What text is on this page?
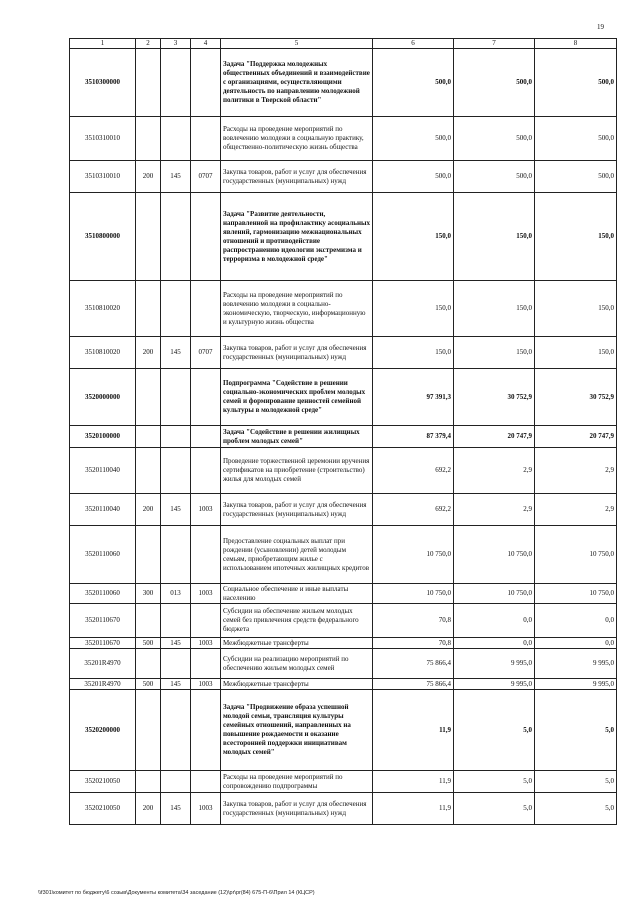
19
1	2	3	4	5	6	7	8
3510300000				Задача "Поддержка молодежных общественных объединений и взаимодействие с организациями, осуществляющими деятельность по направлению молодежной политики в Тверской области"	500,0	500,0	500,0
3510310010				Расходы на проведение мероприятий по вовлечению молодежи в социальную практику, общественно-политическую жизнь общества	500,0	500,0	500,0
3510310010	200	145	0707	Закупка товаров, работ и услуг для обеспечения государственных (муниципальных) нужд	500,0	500,0	500,0
3510800000				Задача "Развитие деятельности, направленной на профилактику асоциальных явлений, гармонизацию межнациональных отношений и противодействие распространению идеологии экстремизма и терроризма в молодежной среде"	150,0	150,0	150,0
3510810020				Расходы на проведение мероприятий по вовлечению молодежи в социально-экономическую, творческую, информационную и культурную жизнь общества	150,0	150,0	150,0
3510810020	200	145	0707	Закупка товаров, работ и услуг для обеспечения государственных (муниципальных) нужд	150,0	150,0	150,0
3520000000				Подпрограмма "Содействие в решении социально-экономических проблем молодых семей и формирование ценностей семейной культуры в молодежной среде"	97 391,3	30 752,9	30 752,9
3520100000				Задача "Содействие в решении жилищных проблем молодых семей"	87 379,4	20 747,9	20 747,9
3520110040				Проведение торжественной церемонии вручения сертификатов на приобретение (строительство) жилья для молодых семей	692,2	2,9	2,9
3520110040	200	145	1003	Закупка товаров, работ и услуг для обеспечения государственных (муниципальных) нужд	692,2	2,9	2,9
3520110060				Предоставление социальных выплат при рождении (усыновлении) детей молодым семьям, приобретающим жилье с использованием ипотечных жилищных кредитов	10 750,0	10 750,0	10 750,0
3520110060	300	013	1003	Социальное обеспечение и иные выплаты населению	10 750,0	10 750,0	10 750,0
3520110670				Субсидии на обеспечение жильем молодых семей без привлечения средств федерального бюджета	70,8	0,0	0,0
3520110670	500	145	1003	Межбюджетные трансферты	70,8	0,0	0,0
35201R4970				Субсидии на реализацию мероприятий по обеспечению жильем молодых семей	75 866,4	9 995,0	9 995,0
35201R4970	500	145	1003	Межбюджетные трансферты	75 866,4	9 995,0	9 995,0
3520200000				Задача "Продвижение образа успешной молодой семьи, трансляция культуры семейных отношений, направленных на повышение рождаемости и оказание всесторонней поддержки инициативам молодых семей"	11,9	5,0	5,0
3520210050				Расходы на проведение мероприятий по сопровождению подпрограммы	11,9	5,0	5,0
3520210050	200	145	1003	Закупка товаров, работ и услуг для обеспечения государственных (муниципальных) нужд	11,9	5,0	5,0
\\f301\комитет по бюджету\6 созыв\Документы комитета\34 заседание (12)\pr\pr(84) 675-П-6\Прил 14 (КЦСР)
